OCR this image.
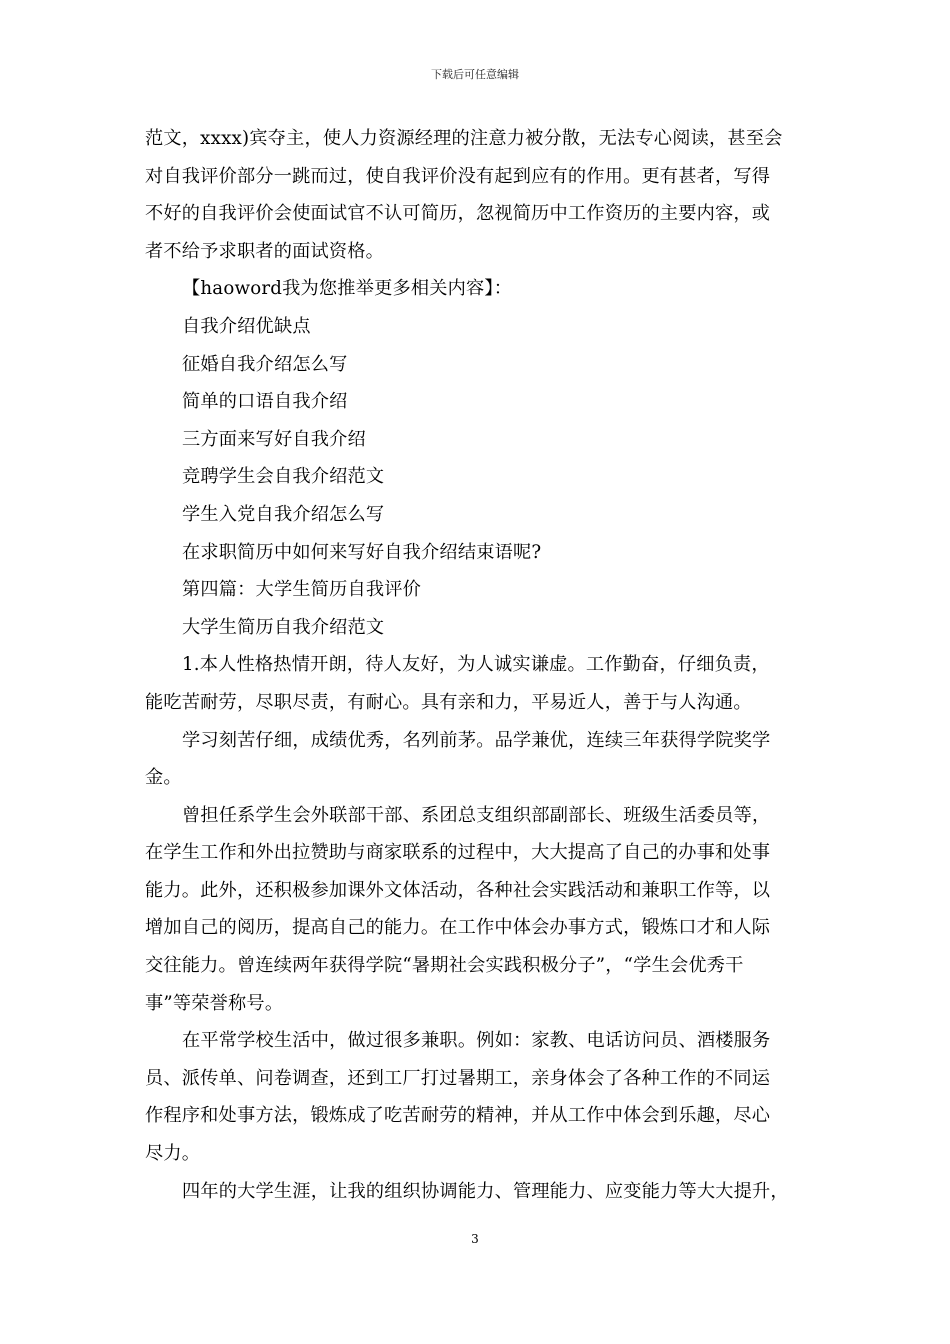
下载后可任意编辑
范文，xxxx)宾夺主，使人力资源经理的注意力被分散，无法专心阅读，甚至会
对自我评价部分一跳而过，使自我评价没有起到应有的作用。更有甚者，写得
不好的自我评价会使面试官不认可简历，忽视简历中工作资历的主要内容，或
者不给予求职者的面试资格。
【haoword我为您推举更多相关内容】：
自我介绍优缺点
征婚自我介绍怎么写
简单的口语自我介绍
三方面来写好自我介绍
竞聘学生会自我介绍范文
学生入党自我介绍怎么写
在求职简历中如何来写好自我介绍结束语呢?
第四篇：大学生简历自我评价
大学生简历自我介绍范文
1.本人性格热情开朗，待人友好，为人诚实谦虚。工作勤奋，仔细负责，
能吃苦耐劳，尽职尽责，有耐心。具有亲和力，平易近人，善于与人沟通。
学习刻苦仔细，成绩优秀，名列前茅。品学兼优，连续三年获得学院奖学
金。
曾担任系学生会外联部干部、系团总支组织部副部长、班级生活委员等，
在学生工作和外出拉赞助与商家联系的过程中，大大提高了自己的办事和处事
能力。此外，还积极参加课外文体活动，各种社会实践活动和兼职工作等，以
增加自己的阅历，提高自己的能力。在工作中体会办事方式，锻炼口才和人际
交往能力。曾连续两年获得学院“暑期社会实践积极分子”，“学生会优秀干
事”等荣誉称号。
在平常学校生活中，做过很多兼职。例如：家教、电话访问员、酒楼服务
员、派传单、问卷调查，还到工厂打过暑期工，亲身体会了各种工作的不同运
作程序和处事方法，锻炼成了吃苦耐劳的精神，并从工作中体会到乐趣，尽心
尽力。
四年的大学生涯，让我的组织协调能力、管理能力、应变能力等大大提升，
3
